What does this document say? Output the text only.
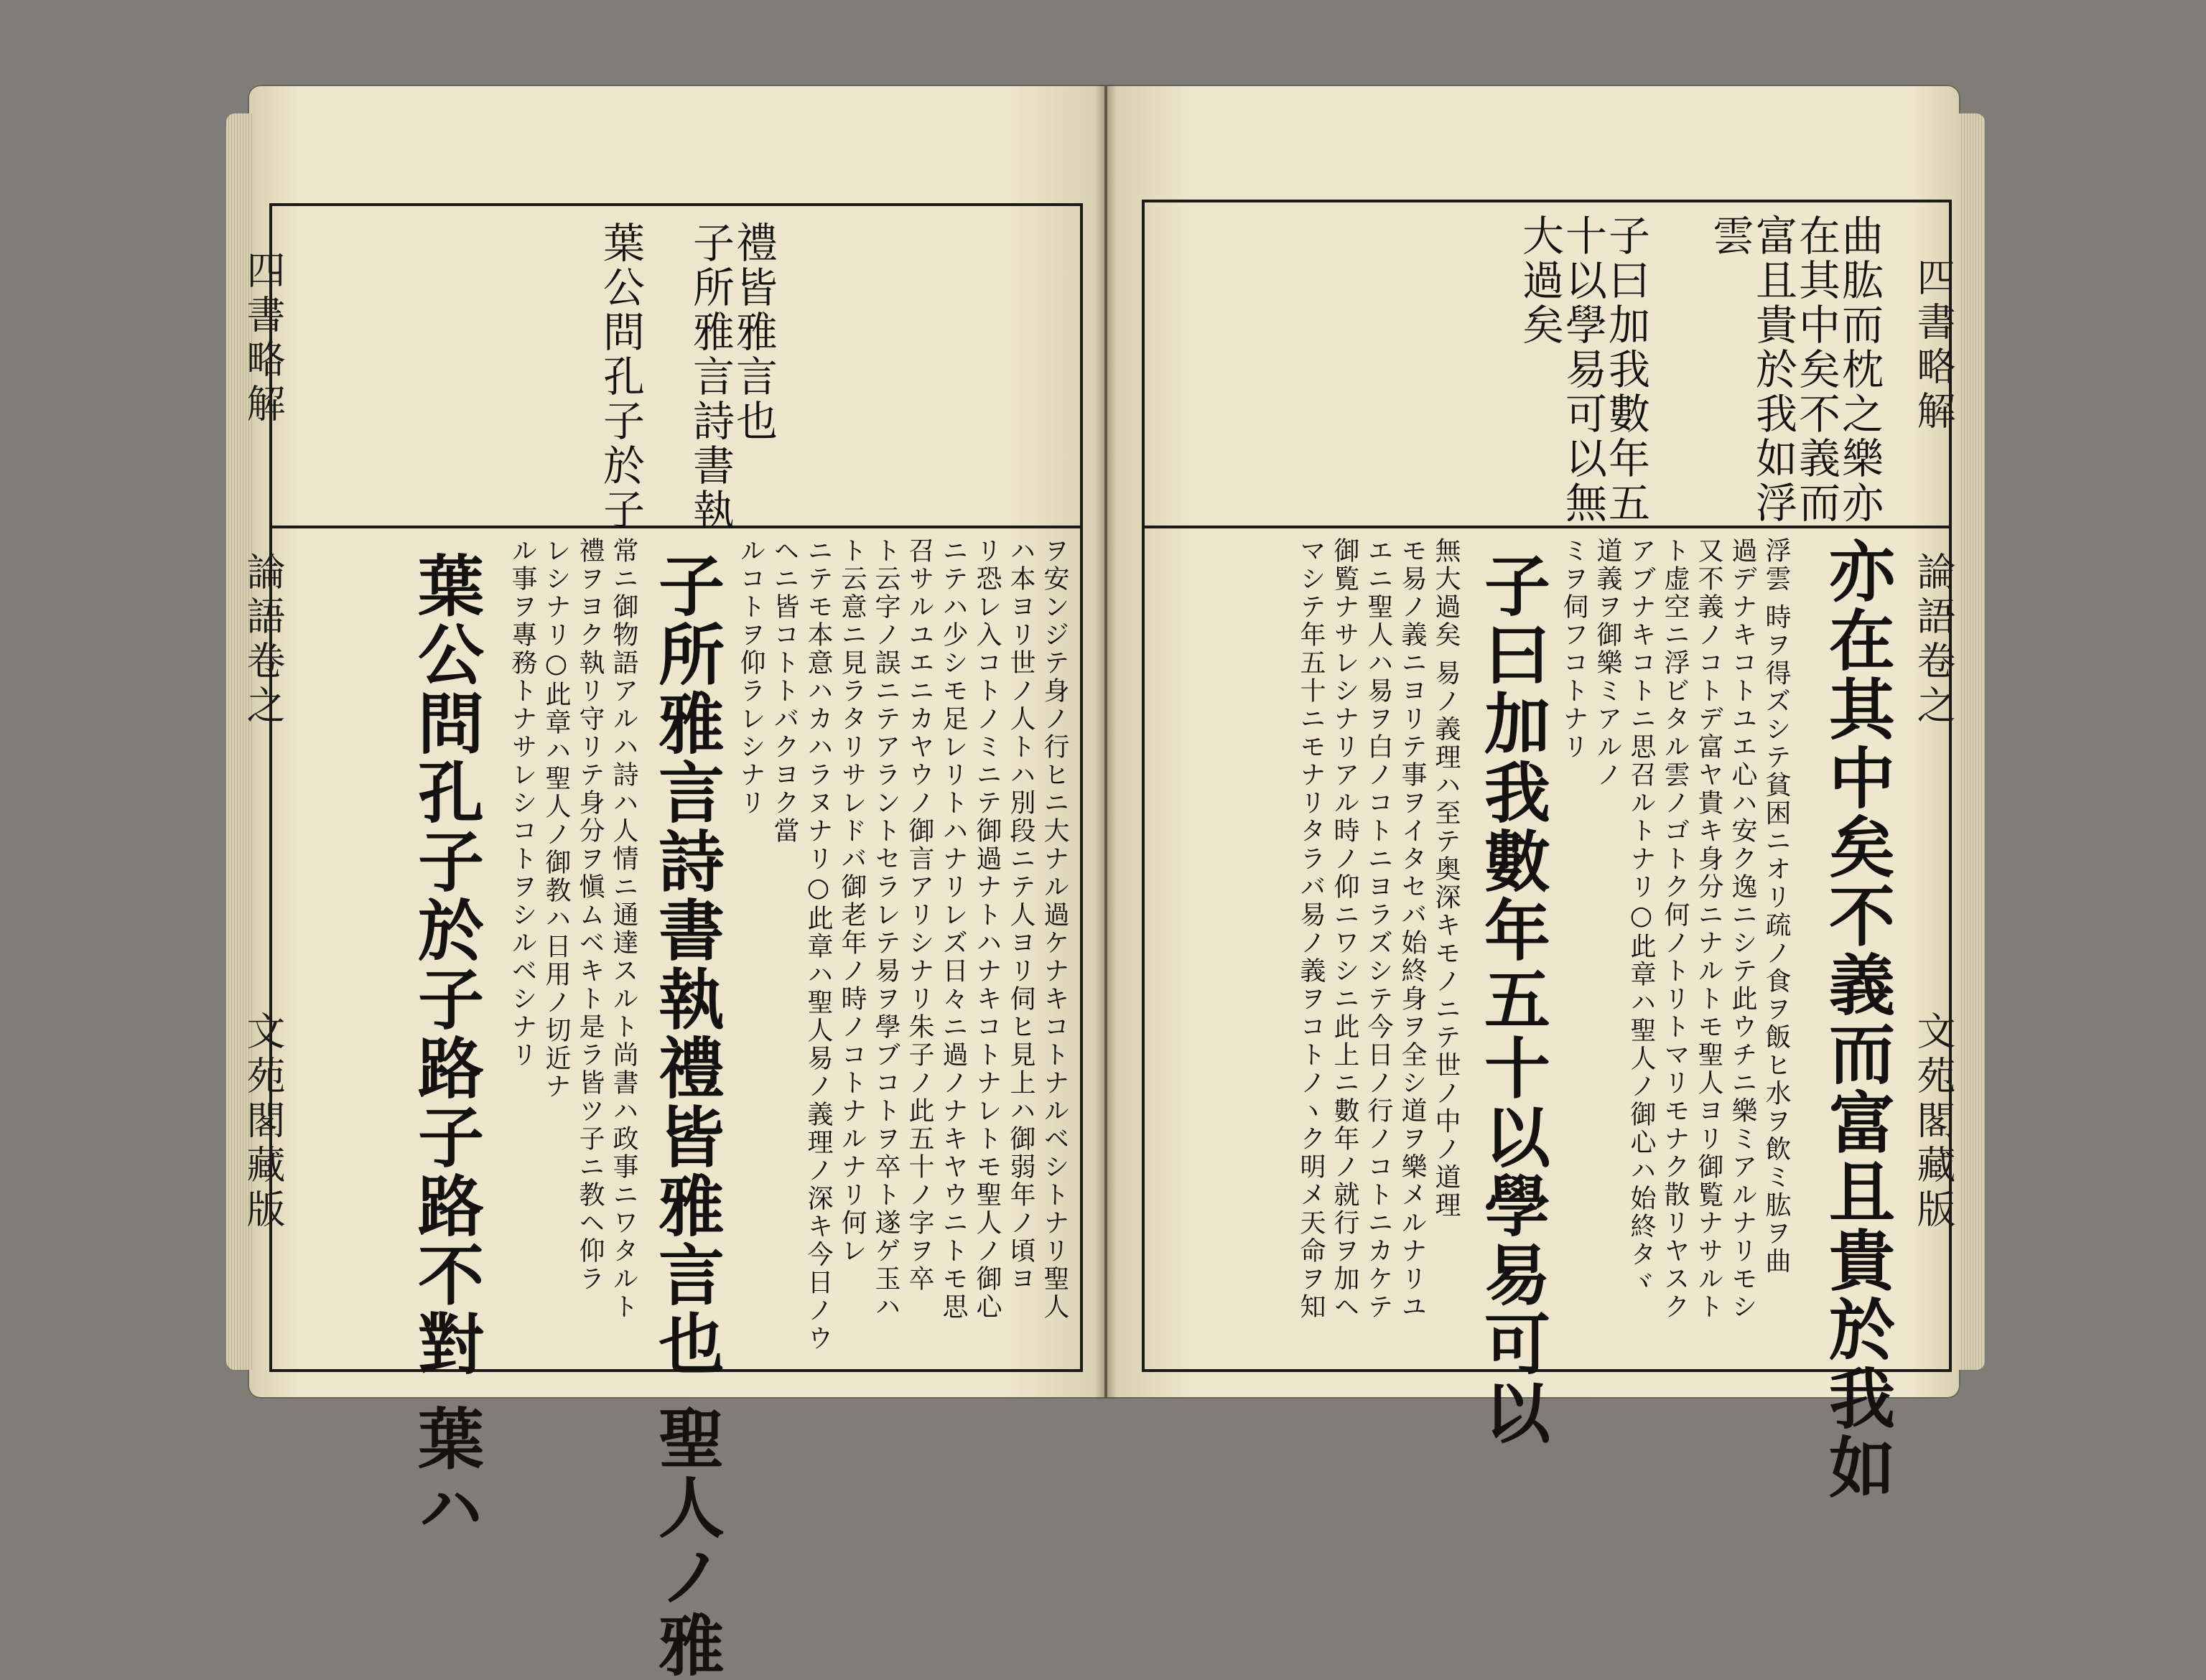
四書略解
論語卷之
文苑閣藏版
葉公問孔子於子 子所雅言詩書執
禮皆雅言也
ヲ安ンジテ身ノ行ヒニ大ナル過ケナキコトナルベシトナリ聖人
ハ本ヨリ世ノ人トハ別段ニテ人ヨリ伺ヒ見上ハ御弱年ノ頃ヨ
リ恐レ入コトノミニテ御過ナトハナキコトナレトモ聖人ノ御心
ニテハ少シモ足レリトハナリレズ日々ニ過ノナキヤウニトモ思
召サルユエニカヤウノ御言アリシナリ朱子ノ此五十ノ字ヲ卒
ト云字ノ誤ニテアラントセラレテ易ヲ學ブコトヲ卒ト遂ゲ玉ハ
ト云意ニ見ラタリサレドバ御老年ノ時ノコトナルナリ何レ
ニテモ本意ハカハラヌナリ○此章ハ聖人易ノ義理ノ深キ今日ノウ
ヘニ皆コトトバクヨク當
ルコトヲ仰ラレシナリ
子所雅言詩書執禮皆雅言也 聖人ノ雅
常ニ御物語アルハ詩ハ人情ニ通達スルト尚書ハ政事ニワタルト
禮ヲヨク執リ守リテ身分ヲ愼ムベキト是ラ皆ツ子ニ教ヘ仰ラ
レシナリ○此章ハ聖人ノ御教ハ日用ノ切近ナ
ル事ヲ專務トナサレシコトヲシルベシナリ
葉公問孔子於子路子路不對 葉ハ
四書略解
論語卷之
文苑閣藏版
曲肱而枕之樂亦
在其中矣不義而
富且貴於我如浮
雲
子曰加我數年五
十以學易可以無
大過矣
亦在其中矣不義而富且貴於我如
浮雲 時ヲ得ズシテ貧困ニオリ疏ノ食ヲ飯ヒ水ヲ飲ミ肱ヲ曲
過デナキコトユエ心ハ安ク逸ニシテ此ウチニ樂ミアルナリモシ
又不義ノコトデ富ヤ貴キ身分ニナルトモ聖人ヨリ御覧ナサルト
ト虚空ニ浮ビタル雲ノゴトク何ノトリトマリモナク散リヤスク
アブナキコトニ思召ルトナリ○此章ハ聖人ノ御心ハ始終タヾ
道義ヲ御樂ミアルノ
ミヲ伺フコトナリ
子曰加我數年五十以學易可以
無大過矣 易ノ義理ハ至テ奥深キモノニテ世ノ中ノ道理
モ易ノ義ニヨリテ事ヲイタセバ始終身ヲ全シ道ヲ樂メルナリユ
エニ聖人ハ易ヲ白ノコトニヨラズシテ今日ノ行ノコトニカケテ
御覧ナサレシナリアル時ノ仰ニワシニ此上ニ數年ノ就行ヲ加ヘ
マシテ年五十ニモナリタラバ易ノ義ヲコトノヽク明メ天命ヲ知
